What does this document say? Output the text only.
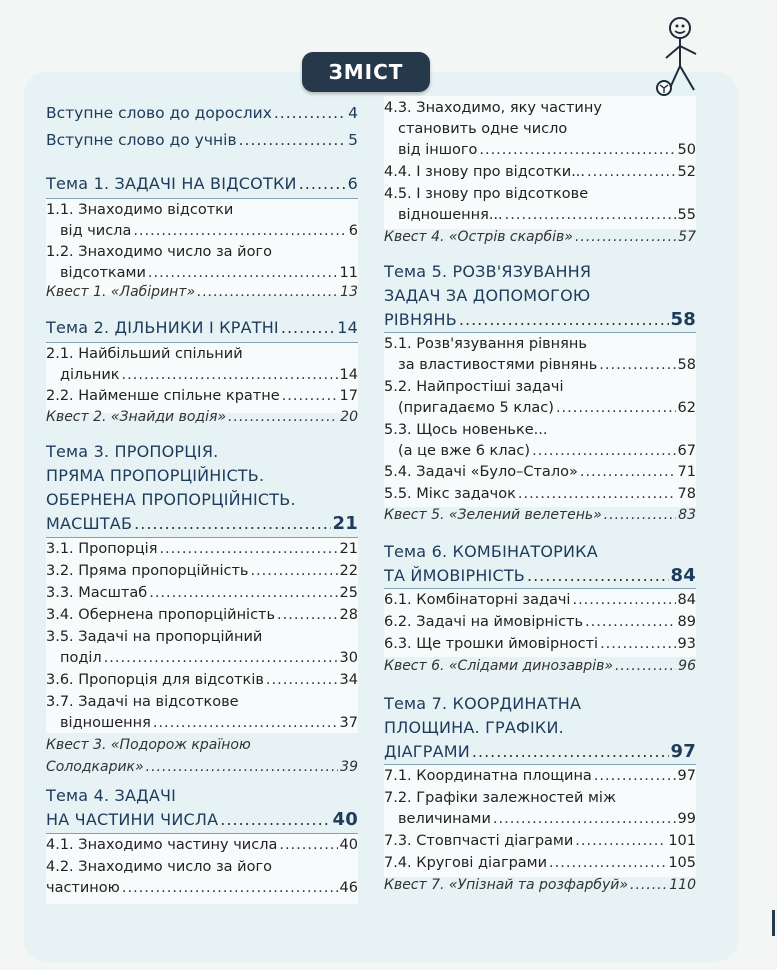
ЗМІСТ
Вступне слово до дорослих .....	4
Вступне слово до учнів .....	5
Тема 1. ЗАДАЧІ НА ВІДСОТКИ .....	6
1.1. Знаходимо відсотки
від числа .....	6
1.2. Знаходимо число за його
відсотками .....	11
Квест 1. «Лабіринт» .....	13
Тема 2. ДІЛЬНИКИ І КРАТНІ .....	14
2.1. Найбільший спільний
дільник .....	14
2.2. Найменше спільне кратне .....	17
Квест 2. «Знайди водія» .....	20
Тема 3. ПРОПОРЦІЯ.
ПРЯМА ПРОПОРЦІЙНІСТЬ.
ОБЕРНЕНА ПРОПОРЦІЙНІСТЬ.
МАСШТАБ .....	21
3.1. Пропорція .....	21
3.2. Пряма пропорційність .....	22
3.3. Масштаб .....	25
3.4. Обернена пропорційність .....	28
3.5. Задачі на пропорційний
поділ .....	30
3.6. Пропорція для відсотків .....	34
3.7. Задачі на відсоткове
відношення .....	37
Квест 3. «Подорож країною
Солодкарик» .....	39
Тема 4. ЗАДАЧІ
НА ЧАСТИНИ ЧИСЛА .....	40
4.1. Знаходимо частину числа .....	40
4.2. Знаходимо число за його
частиною .....	46
4.3. Знаходимо, яку частину
становить одне число
від іншого .....	50
4.4. І знову про відсотки... .....	52
4.5. І знову про відсоткове
відношення... .....	55
Квест 4. «Острів скарбів» .....	57
Тема 5. РОЗВ'ЯЗУВАННЯ
ЗАДАЧ ЗА ДОПОМОГОЮ
РІВНЯНЬ .....	58
5.1. Розв'язування рівнянь
за властивостями рівнянь .....	58
5.2. Найпростіші задачі
(пригадаємо 5 клас) .....	62
5.3. Щось новеньке...
(а це вже 6 клас) .....	67
5.4. Задачі «Було–Стало» .....	71
5.5. Мікс задачок .....	78
Квест 5. «Зелений велетень» .....	83
Тема 6. КОМБІНАТОРИКА
ТА ЙМОВІРНІСТЬ .....	84
6.1. Комбінаторні задачі .....	84
6.2. Задачі на ймовірність .....	89
6.3. Ще трошки ймовірності .....	93
Квест 6. «Слідами динозаврів» .....	96
Тема 7. КООРДИНАТНА
ПЛОЩИНА. ГРАФІКИ.
ДІАГРАМИ .....	97
7.1. Координатна площина .....	97
7.2. Графіки залежностей між
величинами .....	99
7.3. Стовпчасті діаграми .....	101
7.4. Кругові діаграми .....	105
Квест 7. «Упізнай та розфарбуй» .....	110
